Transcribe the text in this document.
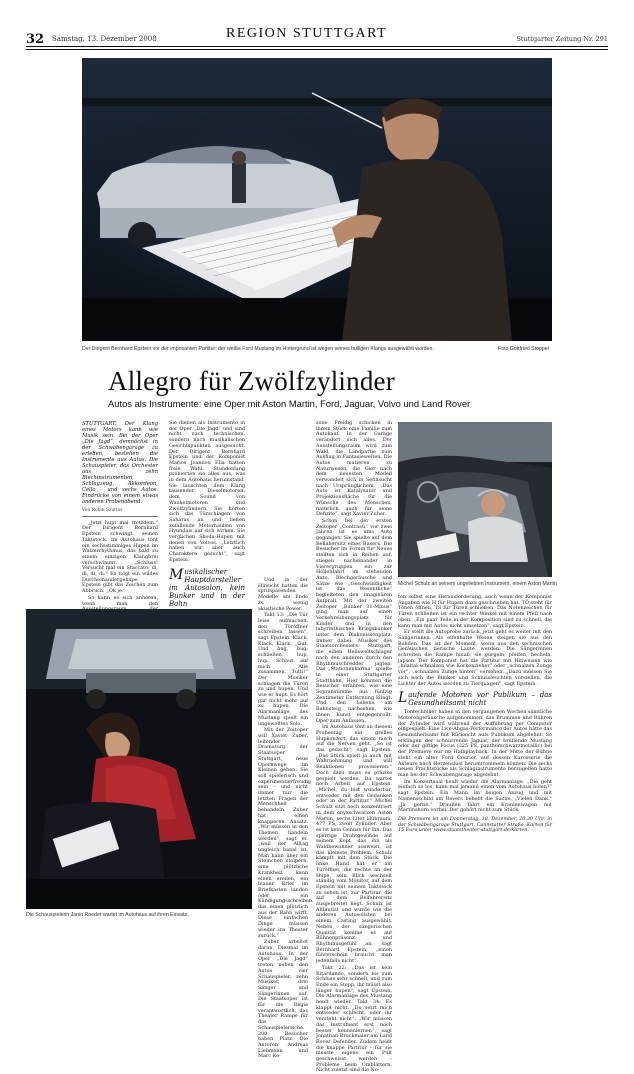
32 Samstag, 13. Dezember 2008	REGION STUTTGART	Stuttgarter Zeitung Nr. 291
Der Dirigent Bernhard Epstein vor der imposanten Partitur: der weiße Ford Mustang im Hintergrund ist wegen seines bulligen Klangs ausgewählt worden.	Foto Gottfried Stoppel
Allegro für Zwölfzylinder
Autos als Instrumente: eine Oper mit Aston Martin, Ford, Jaguar, Volvo und Land Rover

STUTTGART. Der Klang eines Motors kann wie Musik sein. Bei der Oper „Die Jagd“, demnächst in der Schwabengarage zu erleben, bestehen die Instrumente aus Autos. Die Schauspieler, das Orchester aus zehn Blechinstrumenten, Schlagzeug, Akkordeon, Cello – und sechs Autos. Eindrücke von einem etwas anderen Probenabend.

Von Robin Szuttor

„Jetzt hupt mal trotzdem.“ Der Dirigent Bernhard Epstein schwingt seinen Taktstock. Im Autohaus tönt ein sechsstimmiges Hupen im Walzerrhythmus, das bald zu einem einzigen Klangbrei verschwimmt. „Schluss! Versucht mal ein Staccato: di, di, di, di.“ Es folgt ein wildes Durcheinandergehupe. Epstein gibt das Zeichen zum Abbruch. „Ok je.“

So kann es sich anhören, wenn man den

Sie dienen als Instrumente in der Oper „Die Jagd“ und sind nicht nach technischen, sondern nach musikalischen Gesichtspunkten ausgesucht. Der Dirigent Bernhard Epstein und der Komponist Marios Joannou Elia hatten freie Wahl. Stundenlang probierten sie alles aus, was in dem Autohaus herumstand. Sie lauschten dem Klang tausender Dieselmotoren, dem Sound von Wankelmotoren und Zwölfzylindern. Sie hörten sich das Türschlagen von Saharas an und ließen zufallende Motorhauben von Hyundais auf sich wirken. Sie verglichen Skoda-Hupen mit denen von Volvos. „Letztlich haben wir aber auch Charaktere gesucht“, sagt Epstein.

Musikalischer Hauptdarsteller im Autosalon, kein Bunker und in der Bahn

Und in der Hinsicht hatten die spritsparenden Modelle am Ende zu wenig akustische Power.

Takt 13: „Die Tür leise aufmachen, den Türöffner schreiben lassen“, sagt Epstein. Klack, Klack, Klack. „Gut. Und bug, bug, schließen, hup, hup. Schaut auf mich. Alle zusammen. Tutti!“ Der Musiker schlagen die Türen zu und hupen. Und wie er hupt. Es hört gar nicht mehr auf zu hupen. Die Alarmanlage des Mustang spielt ein ungewolltes Solo.

Mit der Zeitoper will Xavier Zuber, leitender Dramaturg der Staatsoper Stuttgart, neue Opernwege im Kleinen gehen. Sie soll spielerisch und experimentierfreudig sein – und nicht immer nur die letzten Fragen der Menschheit behandeln. Zuber hat einen knapperen Ansatz. „Wir müssen in den Themen handeln werden“, sagt er. „weil der Alltag ungleich banal ist. Man kann über ein Steinchen stolpern, eine plötzliche Krankheit kann einen ereilen, ein blauer Brief im Briefkasten landen oder ein Kündigungsschreiben, das einen plötzlich aus der Bahn wirft. Diese einfachen Dinge müssen wieder ins Theater zurück.“

Zuber arbeitet daran. Diesmal im Autohaus. In der Oper „Die Jagd“ treten neben den Autos vier Schauspieler, zehn Musiker, drei Sänger und Sängerinnen auf. Die Staatsoper ist für die Regie verantwortlich, das Theater Rampe für das Schauspielerische. 200 Besucher haben Platz. Die Autoren Andreas Liebmann und Marc Ke-

zone Freidig schicken in ihrem Stück eine Familie zum Autokauf. In der Garage verändert sich alles. Der Ausstellungsraum wird zum Wald, die Landpartie zum Ausflug in Fantasiewelten. Die Autos mutieren zu Naturwesen, die Gier nach dem neuesten Modell verwandelt sich in Sehnsucht nach Ursprünglichem. „Das Auto ist Katalysator und Projektionsfläche für die Wünsche des Menschen, natürlich auch für seine Defizite“, sagt Xavier Zuber.

Schon bei der ersten Zeitoper „Contrasti“ vor zwei Jahren ist es ums Auto gegangen. Sie spielte auf dem Bellahersitz eines Rasers. Die Besucher im Forum für Neues stellten sich in Reihen auf, stiegen nacheinander in Vierergruppen ein zur Höllenfahrt im stehenden Auto. Blechgeräusche und Sätze wie „Geschwindigkeit ist das Wesentliche“ begleiteten den imaginären Aufprall. Mit der zweiten Zeitoper „Bunker 31-Minus“ ging man auf einen Verkehrsübungsplatz für Kinder und in den labyrinthischen Kriegsbunker unter dem Diakonissenplatz. Immer dabei: Musiker des Staatsorchesters Stuttgart, die einen Heilsweltschlager nach den anderen durch den Rhythmuschredder jagten. Das „Stationenkarma“ spielte in einer Stuttgarter Stadtbahn. Hier konnten die Besucher erfahren, wie eine Sopranstimme aus fünfzig Zentimeter Entfernung klingt. Und den Lebens am Bahnsteig nachsehen, wie ihnen Kunst entgegenrollt. Oper zum Anfassen.

Im Autohaus tönt an diesem Probentag ein grelles Hupkonzert, das einem rasch auf die Nerven geht. „So ist das gedacht“, sagt Epstein. „Das Stück spielt ja auch mit Wahrnehmung und will Reaktionen provozieren.“ Doch dazu muss es präzise gespielt werden. Da wartet noch Arbeit auf Epstein. „Michel, du bist wunderbar, entweder mit den Gedanken oder in der Partitur.“ Michel Schulz sitzt hoch konzentriert in dem onyxschwarzen Aston Martin, sechs Liter Hubraum, 477 PS, zwölf Zylinder. Aber es ist kein Genuss für ihn. Das sperrige Drahtgewinde auf seinem Kopf, das ihn als Waldbewohner ausweist, ist das kleinste Problem. Schulz kämpft mit dem Stück. Die linke Hand hat er am Türöffner, die rechte an der Hupe, sein Blick wechselt ständig vom Monitor, auf dem Epstein mit seinem Taktstock zu sehen ist, zur Partitur, die auf dem Beifahrersitz ausgebreitet liegt. Schulz ist Altlautist und wurde wie die anderen Autosolisten bei einem Casting ausgewählt. Neben der sängerischen Qualität komme es auf Bühnenpräsenz und Rhythmusgefühl an, sagt Bernhard Epstein, „einen führerschein braucht man jedenfalls nicht“.

Takt 22: „Das ist kein Ritardando, sondern bis zum Schluss sehr schnell, und zum Ende ein Stopp, ihr müsst also länger hupen“, sagt Epstein. Die Alarmanlage des Mustang heult wieder. Takt 34: Es klappt nicht. „Du setzt mich entweder schlecht, oder ihr versteht nicht“. „Wir müssen das Instrument erst noch besser kennenlernen“, sagt Jonathan Bruckmaier am Land Rover Defender. Zudem heißt die knappe Partitur – für sie musste eigens ein Pult geschweisst werden – Probleme beim Umblättern. Nicht zuletzt sind die No-

Michel Schulz an seinem ungeliebten Instrument, einem Aston Martin

ten selbst eine Herausforderung, auch wenn der Komponist Angaben wie H für Hupen dazu geschrieben hat. TÖ steht für Tönen öffnen, TS für Türen schließen. Das Notenzeichen für Türen schließen ist ein rechter Winkel mit einem Pfeil nach oben. „Ein paar Teile in der Komposition sind zu schnell, die kann man mit Autos nicht umsetzen“, sagt Epstein.

Er stellt die Autoprobe zurück, jetzt geht es weiter mit den Sängerinnen. Als elfenhafte Wesen steigen sie aus den Boliden. Das ist der Moment, wenn aus den technischen Geräuschen tierische Laute werden. Die Sängerinnen schreiten die Rampe hinab, sie gurgeln, pfeifen, hecheln, japsen. Der Komponist hat die Partitur mit Hinweisen wie „hilaltal schnalzen wie Korkenzieher“ oder „schnalzen Zunge vor“, „schnalzen Zunge hinten“ versehen. „Dazu müssen Sie sich noch die Blinker und Schlussleuchten vorstellen, die Lichter der Autos werden zu Tierquagen“, sagt Epstein.

Laufende Motoren vor Publikum – das Gesundheitsamt nicht

Tontechniker haben in den vergangenen Wochen sämtliche Motorengeräusche aufgenommen, das Brummen und Röhren der Zylinder wird während der Aufführung per Computer eingespielt. Eine Live-Abgas-Performance der Autos hätte das Gesundheitsamt mit Rücksicht aufs Publikum abgelehnt. So erklingen der schnurrende Jaguar, der brüllende Mustang oder der giftige Focus (225 PS, pantherschwarzmetallic) bei der Premiere nur im Halbplayback. In der Mitte der Bühne steht ein alter Ford Courier, auf dessen Karosserie die Akteure nach Herzenslust herumtrommeln können. Die sechs neuen Prachtstücke als Schlaginstrumente herzugeben hatte man bei der Schwabengarage abgelehnt.

Im Konzertsaal heult wieder die Alarmanlage. „Die geht einfach so los, kann mal jemand einen vom Autohaus holen?“ sagt Epstein. Ein Mann im beigen Anzug und mit Namensschild am Revers behebt die Sache. „Vielen Dank.“ „Ja, gerne.“ Draußen fährt ein Kranlenwagen mit Martinshorn vorbei. Der gehört nicht zum Stück.

Die Premiere ist am Donnerstag, 18. Dezember, 20.30 Uhr, in der Schwabengarage Stuttgart, Cannstatter Straße. Karten für 15 Euro unter www.staatstheater-stuttgart.de/karten.

Die Schauspielerin Janin Roeder wartet im Autohaus auf ihren Einsatz.
